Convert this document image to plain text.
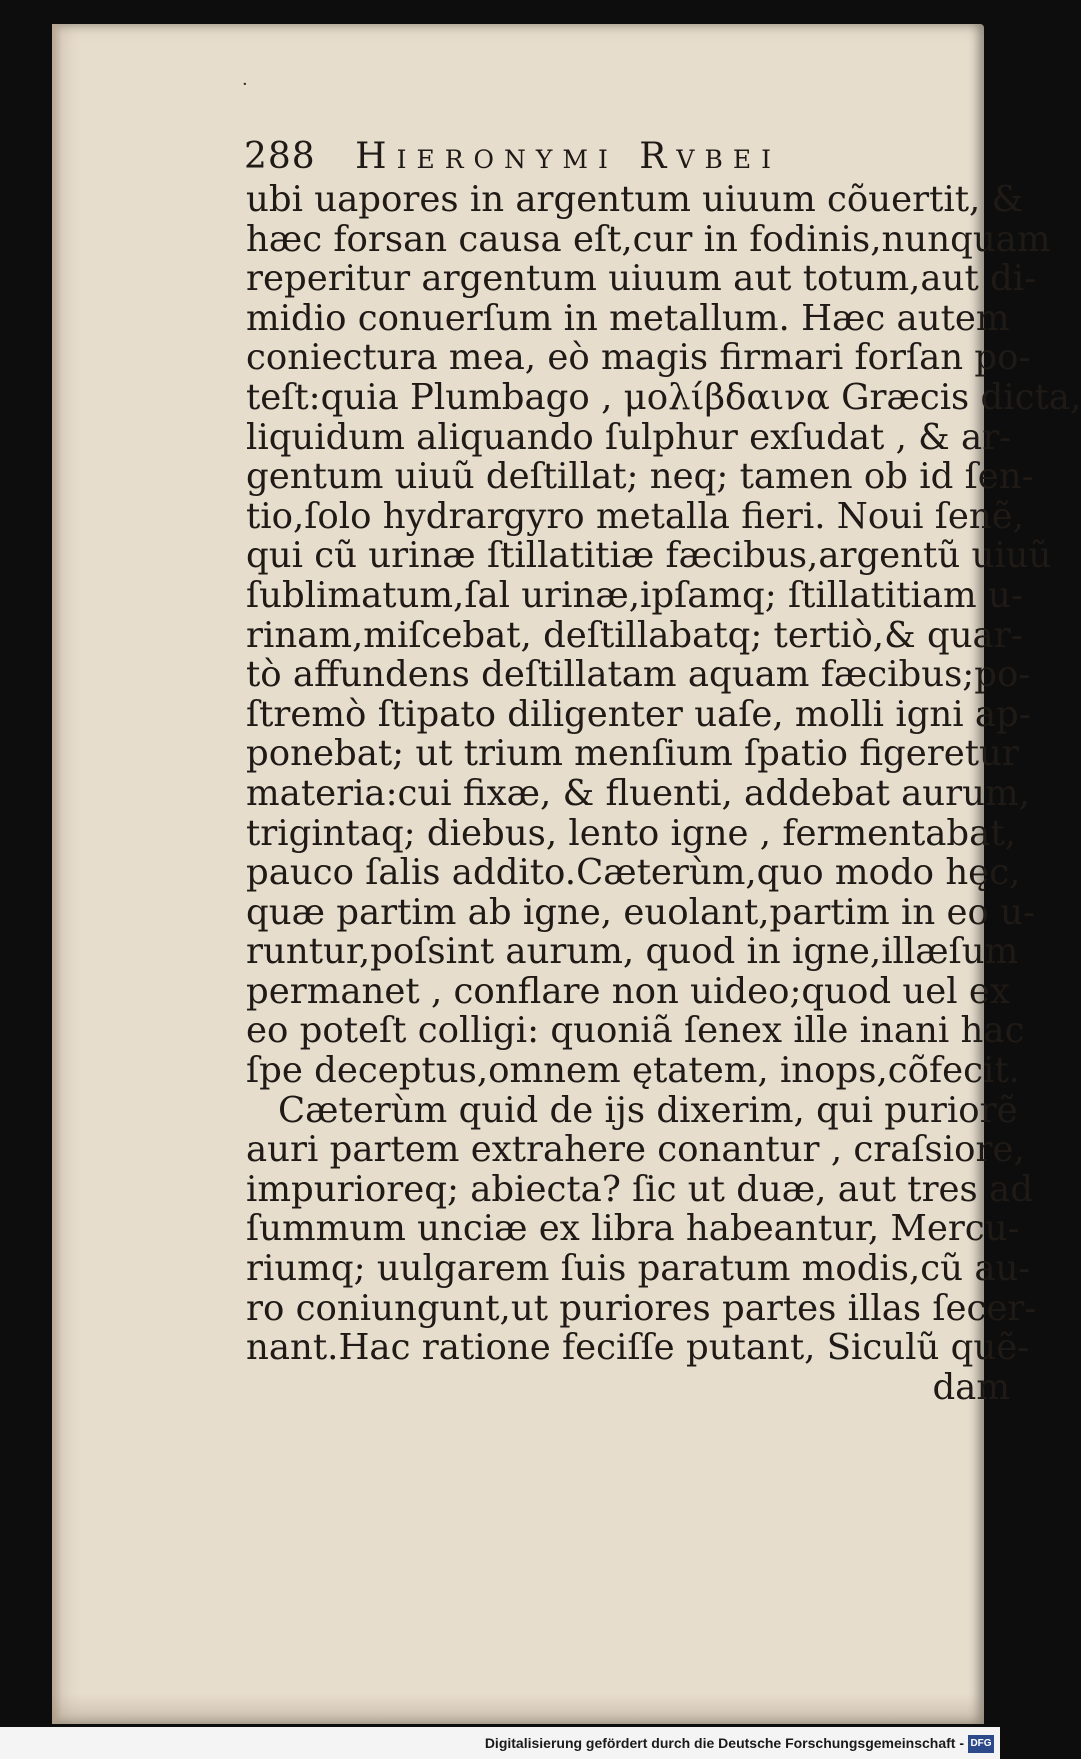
·
288 Hieronymi Rvbei
ubi uapores in argentum uiuum cõuertit, &
hæc forsan causa eſt,cur in fodinis,nunquam
reperitur argentum uiuum aut totum,aut di-
midio conuerſum in metallum. Hæc autem
coniectura mea, eò magis firmari forſan po-
teſt:quia Plumbago , μολίβδαινα Græcis dicta,
liquidum aliquando ſulphur exſudat , & ar-
gentum uiuũ deſtillat; neq; tamen ob id ſen-
tio,ſolo hydrargyro metalla fieri. Noui ſenẽ,
qui cũ urinæ ſtillatitiæ fæcibus,argentũ uiuũ
ſublimatum,ſal urinæ,ipſamq; ſtillatitiam u-
rinam,miſcebat, deſtillabatq; tertiò,& quar-
tò affundens deſtillatam aquam fæcibus;po-
ſtremò ſtipato diligenter uaſe, molli igni ap-
ponebat; ut trium menſium ſpatio figeretur
materia:cui fixæ, & fluenti, addebat aurum,
trigintaq; diebus, lento igne , fermentabat,
pauco ſalis addito.Cæterùm,quo modo hęc,
quæ partim ab igne, euolant,partim in eo u-
runtur,poſsint aurum, quod in igne,illæſum
permanet , conflare non uideo;quod uel ex
eo poteſt colligi: quoniã ſenex ille inani hac
ſpe deceptus,omnem ętatem, inops,cõfecit.
Cæterùm quid de ijs dixerim, qui puriorẽ
auri partem extrahere conantur , craſsiore,
impurioreq; abiecta? ſic ut duæ, aut tres ad
ſummum unciæ ex libra habeantur, Mercu-
riumq; uulgarem ſuis paratum modis,cũ au-
ro coniungunt,ut puriores partes illas ſecer-
nant.Hac ratione feciſſe putant, Siculũ quẽ-
dam
Digitalisierung gefördert durch die Deutsche Forschungsgemeinschaft - DFG
